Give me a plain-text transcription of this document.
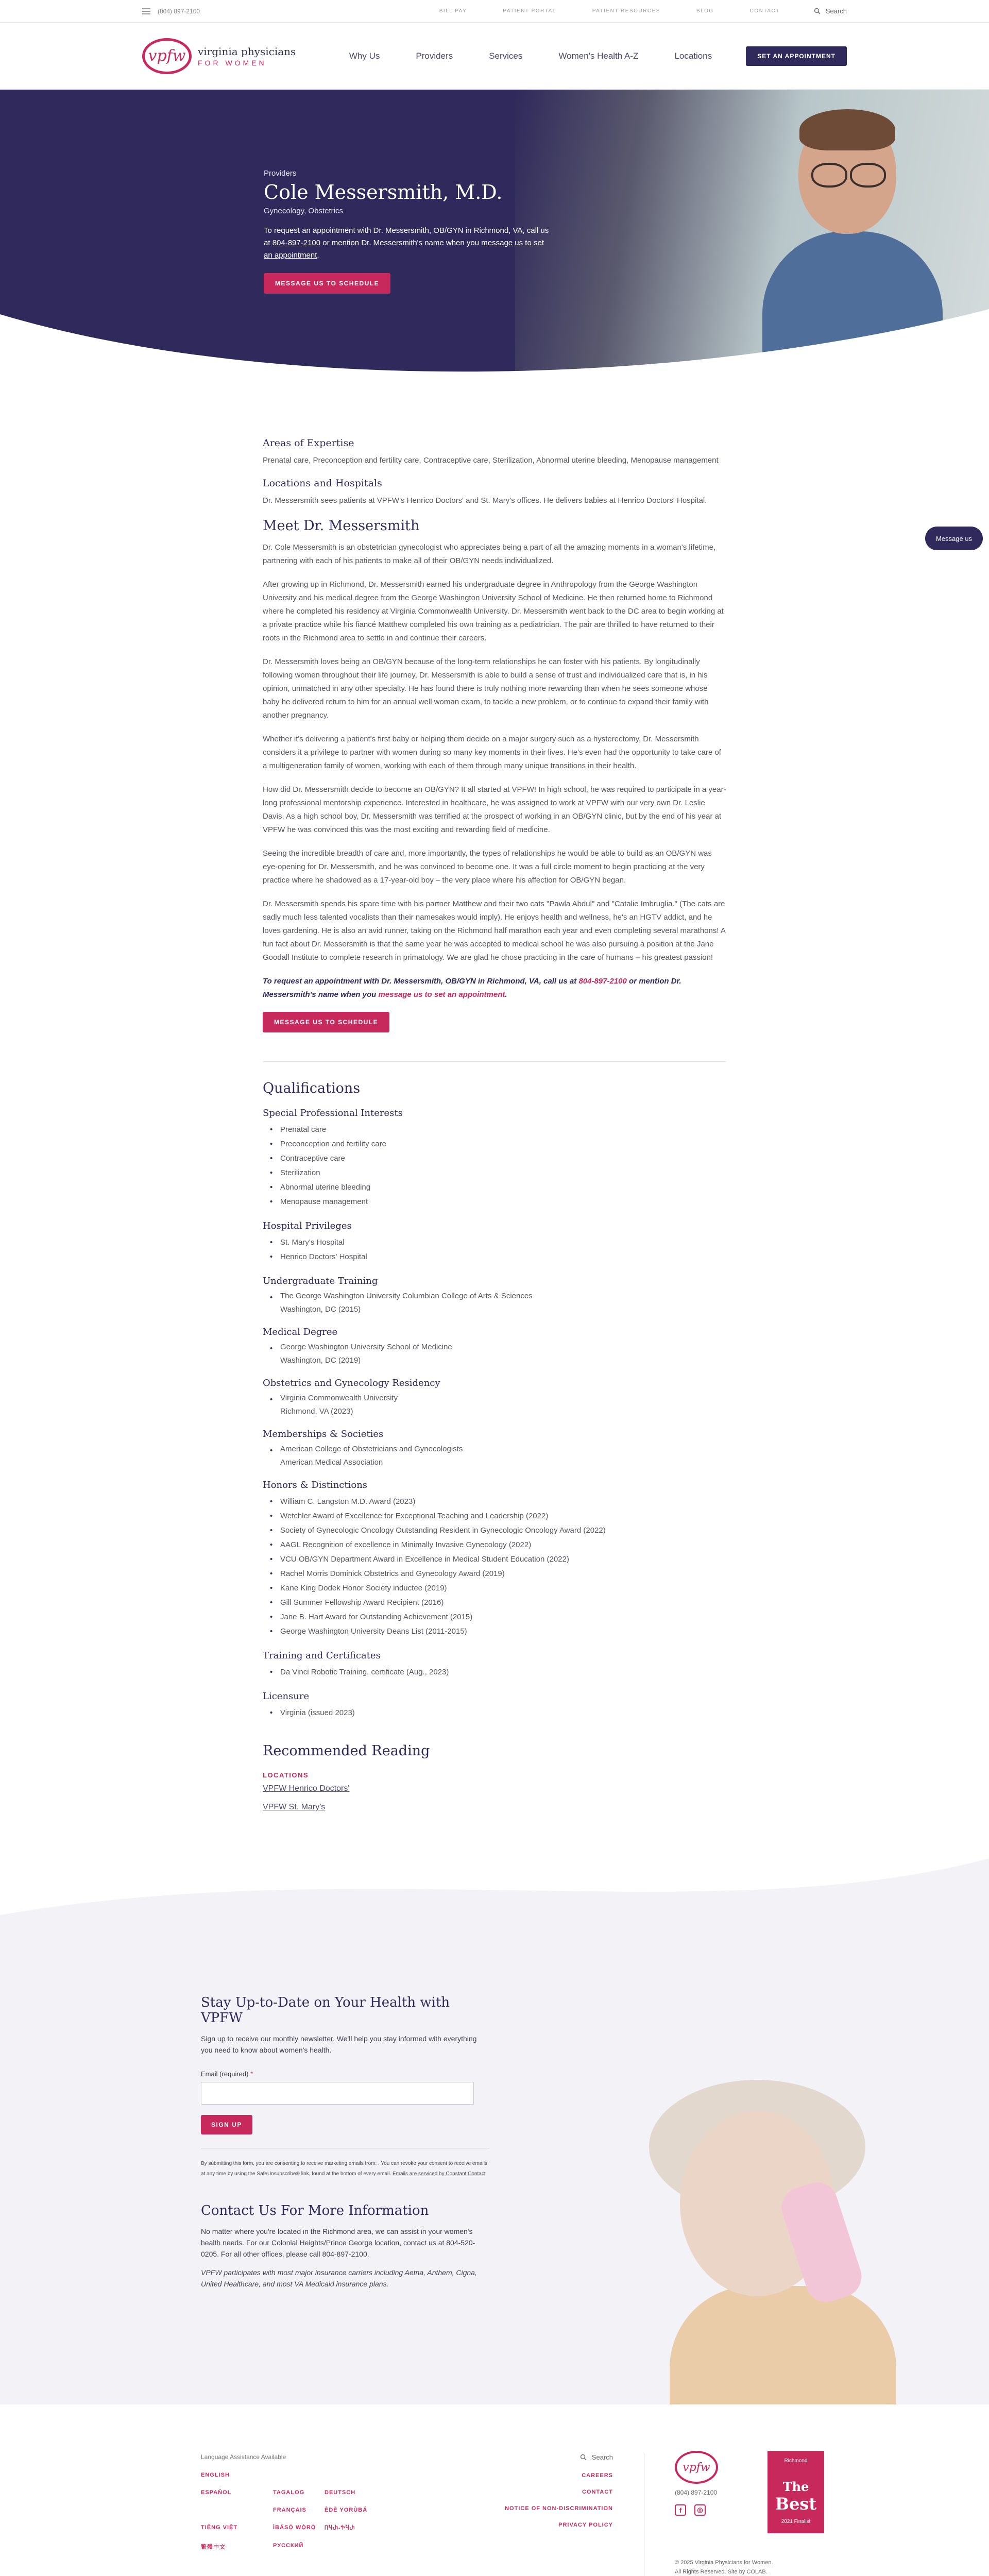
(804) 897-2100	BILL PAY	PATIENT PORTAL	PATIENT RESOURCES	BLOG	CONTACT	Search
vpfw	virginia physicians
FOR WOMEN
Why Us	Providers	Services	Women's Health A-Z	Locations	SET AN APPOINTMENT
Providers
Cole Messersmith, M.D.
Gynecology, Obstetrics

To request an appointment with Dr. Messersmith, OB/GYN in Richmond, VA, call us at 804-897-2100 or mention Dr. Messersmith's name when you message us to set an appointment.

MESSAGE US TO SCHEDULE
Message us
Areas of Expertise

Prenatal care, Preconception and fertility care, Contraceptive care, Sterilization, Abnormal uterine bleeding, Menopause management

Locations and Hospitals

Dr. Messersmith sees patients at VPFW's Henrico Doctors' and St. Mary's offices. He delivers babies at Henrico Doctors' Hospital.

Meet Dr. Messersmith

Dr. Cole Messersmith is an obstetrician gynecologist who appreciates being a part of all the amazing moments in a woman's lifetime, partnering with each of his patients to make all of their OB/GYN needs individualized.

After growing up in Richmond, Dr. Messersmith earned his undergraduate degree in Anthropology from the George Washington University and his medical degree from the George Washington University School of Medicine. He then returned home to Richmond where he completed his residency at Virginia Commonwealth University. Dr. Messersmith went back to the DC area to begin working at a private practice while his fiancé Matthew completed his own training as a pediatrician. The pair are thrilled to have returned to their roots in the Richmond area to settle in and continue their careers.

Dr. Messersmith loves being an OB/GYN because of the long-term relationships he can foster with his patients. By longitudinally following women throughout their life journey, Dr. Messersmith is able to build a sense of trust and individualized care that is, in his opinion, unmatched in any other specialty. He has found there is truly nothing more rewarding than when he sees someone whose baby he delivered return to him for an annual well woman exam, to tackle a new problem, or to continue to expand their family with another pregnancy.

Whether it's delivering a patient's first baby or helping them decide on a major surgery such as a hysterectomy, Dr. Messersmith considers it a privilege to partner with women during so many key moments in their lives. He's even had the opportunity to take care of a multigeneration family of women, working with each of them through many unique transitions in their health.

How did Dr. Messersmith decide to become an OB/GYN? It all started at VPFW! In high school, he was required to participate in a year-long professional mentorship experience. Interested in healthcare, he was assigned to work at VPFW with our very own Dr. Leslie Davis. As a high school boy, Dr. Messersmith was terrified at the prospect of working in an OB/GYN clinic, but by the end of his year at VPFW he was convinced this was the most exciting and rewarding field of medicine.

Seeing the incredible breadth of care and, more importantly, the types of relationships he would be able to build as an OB/GYN was eye-opening for Dr. Messersmith, and he was convinced to become one. It was a full circle moment to begin practicing at the very practice where he shadowed as a 17-year-old boy – the very place where his affection for OB/GYN began.

Dr. Messersmith spends his spare time with his partner Matthew and their two cats "Pawla Abdul" and "Catalie Imbruglia." (The cats are sadly much less talented vocalists than their namesakes would imply). He enjoys health and wellness, he's an HGTV addict, and he loves gardening. He is also an avid runner, taking on the Richmond half marathon each year and even completing several marathons! A fun fact about Dr. Messersmith is that the same year he was accepted to medical school he was also pursuing a position at the Jane Goodall Institute to complete research in primatology. We are glad he chose practicing in the care of humans – his greatest passion!

To request an appointment with Dr. Messersmith, OB/GYN in Richmond, VA, call us at 804-897-2100 or mention Dr. Messersmith's name when you message us to set an appointment.

MESSAGE US TO SCHEDULE
Qualifications
Special Professional Interests
• Prenatal care
• Preconception and fertility care
• Contraceptive care
• Sterilization
• Abnormal uterine bleeding
• Menopause management
Hospital Privileges
• St. Mary's Hospital
• Henrico Doctors' Hospital
Undergraduate Training
• The George Washington University Columbian College of Arts & Sciences
Washington, DC (2015)
Medical Degree
• George Washington University School of Medicine
Washington, DC (2019)
Obstetrics and Gynecology Residency
• Virginia Commonwealth University
Richmond, VA (2023)
Memberships & Societies
• American College of Obstetricians and Gynecologists
American Medical Association
Honors & Distinctions
• William C. Langston M.D. Award (2023)
• Wetchler Award of Excellence for Exceptional Teaching and Leadership (2022)
• Society of Gynecologic Oncology Outstanding Resident in Gynecologic Oncology Award (2022)
• AAGL Recognition of excellence in Minimally Invasive Gynecology (2022)
• VCU OB/GYN Department Award in Excellence in Medical Student Education (2022)
• Rachel Morris Dominick Obstetrics and Gynecology Award (2019)
• Kane King Dodek Honor Society inductee (2019)
• Gill Summer Fellowship Award Recipient (2016)
• Jane B. Hart Award for Outstanding Achievement (2015)
• George Washington University Deans List (2011-2015)
Training and Certificates
• Da Vinci Robotic Training, certificate (Aug., 2023)
Licensure
• Virginia (issued 2023)
Recommended Reading
LOCATIONS
VPFW Henrico Doctors'
VPFW St. Mary's
Stay Up-to-Date on Your Health with VPFW

Sign up to receive our monthly newsletter. We'll help you stay informed with everything you need to know about women's health.

Email (required) *
SIGN UP
By submitting this form, you are consenting to receive marketing emails from: . You can revoke your consent to receive emails at any time by using the SafeUnsubscribe® link, found at the bottom of every email. Emails are serviced by Constant Contact
Contact Us For More Information

No matter where you're located in the Richmond area, we can assist in your women's health needs. For our Colonial Heights/Prince George location, contact us at 804-520-0205. For all other offices, please call 804-897-2100.

VPFW participates with most major insurance carriers including Aetna, Anthem, Cigna, United Healthcare, and most VA Medicaid insurance plans.

Language Assistance Available
ENGLISH
ESPAÑOL	TAGALOG	DEUTSCH
FRANÇAIS	ÈDÈ YORÙBÁ
TIẾNG VIỆT	ÌBÁSỌ́ WỌ̀RỌ̀	ႶႯႰ-ႵႯႰ
繁體中文	РУССКИЙ
Search
CAREERS
CONTACT
NOTICE OF NON-DISCRIMINATION
PRIVACY POLICY
vpfw
(804) 897-2100
f	◎
Richmond
The
Best
2021 Finalist
© 2025 Virginia Physicians for Women.
All Rights Reserved. Site by COLAB.
